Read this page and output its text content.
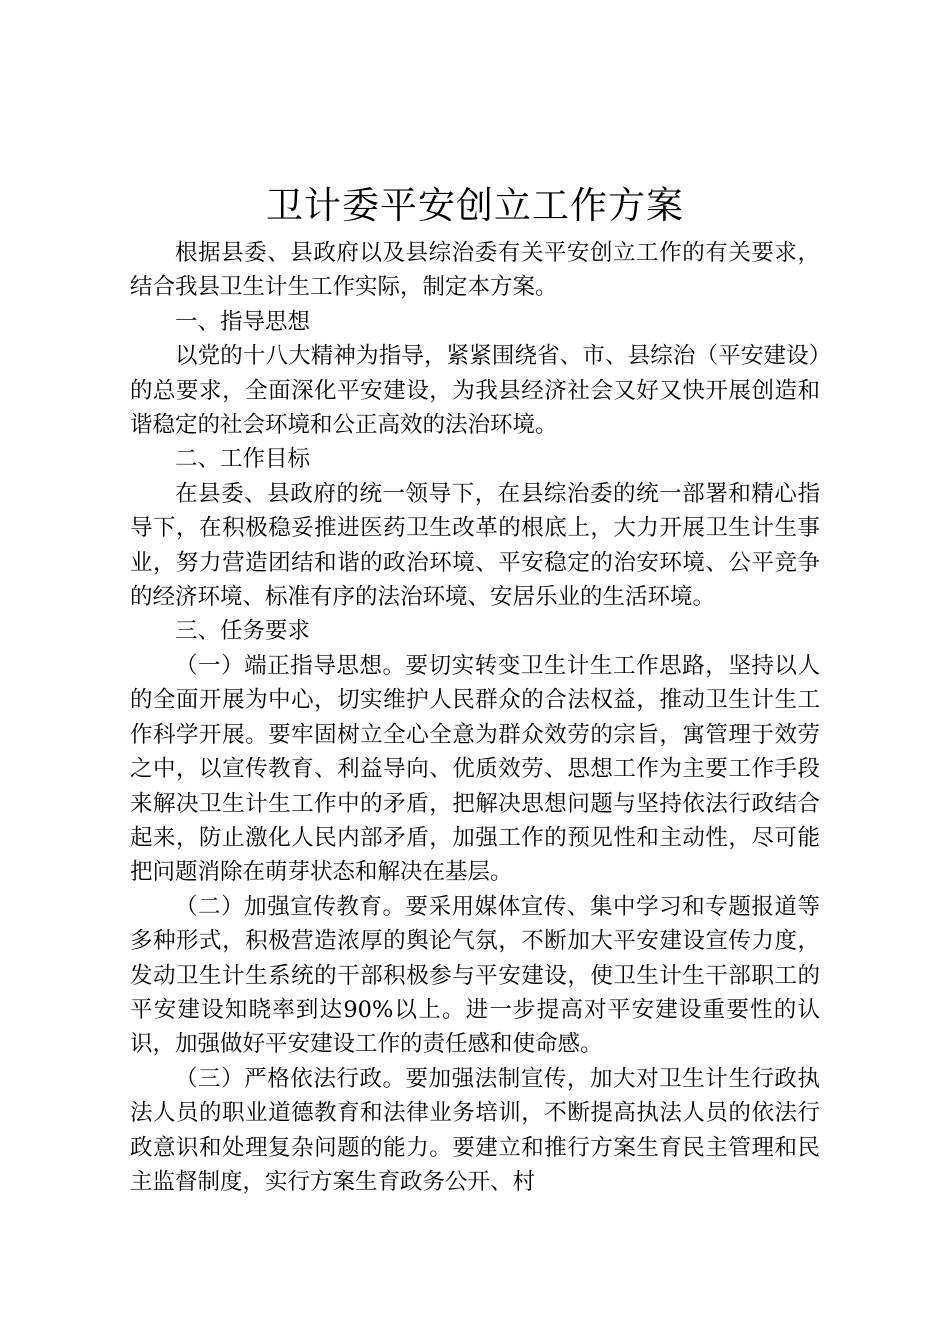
卫计委平安创立工作方案

根据县委、县政府以及县综治委有关平安创立工作的有关要求，结合我县卫生计生工作实际，制定本方案。

一、指导思想

以党的十八大精神为指导，紧紧围绕省、市、县综治（平安建设）的总要求，全面深化平安建设，为我县经济社会又好又快开展创造和谐稳定的社会环境和公正高效的法治环境。

二、工作目标

在县委、县政府的统一领导下，在县综治委的统一部署和精心指导下，在积极稳妥推进医药卫生改革的根底上，大力开展卫生计生事业，努力营造团结和谐的政治环境、平安稳定的治安环境、公平竞争的经济环境、标准有序的法治环境、安居乐业的生活环境。

三、任务要求

（一）端正指导思想。要切实转变卫生计生工作思路，坚持以人的全面开展为中心，切实维护人民群众的合法权益，推动卫生计生工作科学开展。要牢固树立全心全意为群众效劳的宗旨，寓管理于效劳之中，以宣传教育、利益导向、优质效劳、思想工作为主要工作手段来解决卫生计生工作中的矛盾，把解决思想问题与坚持依法行政结合起来，防止激化人民内部矛盾，加强工作的预见性和主动性，尽可能把问题消除在萌芽状态和解决在基层。

（二）加强宣传教育。要采用媒体宣传、集中学习和专题报道等多种形式，积极营造浓厚的舆论气氛，不断加大平安建设宣传力度，发动卫生计生系统的干部积极参与平安建设，使卫生计生干部职工的平安建设知晓率到达90%以上。进一步提高对平安建设重要性的认识，加强做好平安建设工作的责任感和使命感。

（三）严格依法行政。要加强法制宣传，加大对卫生计生行政执法人员的职业道德教育和法律业务培训，不断提高执法人员的依法行政意识和处理复杂问题的能力。要建立和推行方案生育民主管理和民主监督制度，实行方案生育政务公开、村
